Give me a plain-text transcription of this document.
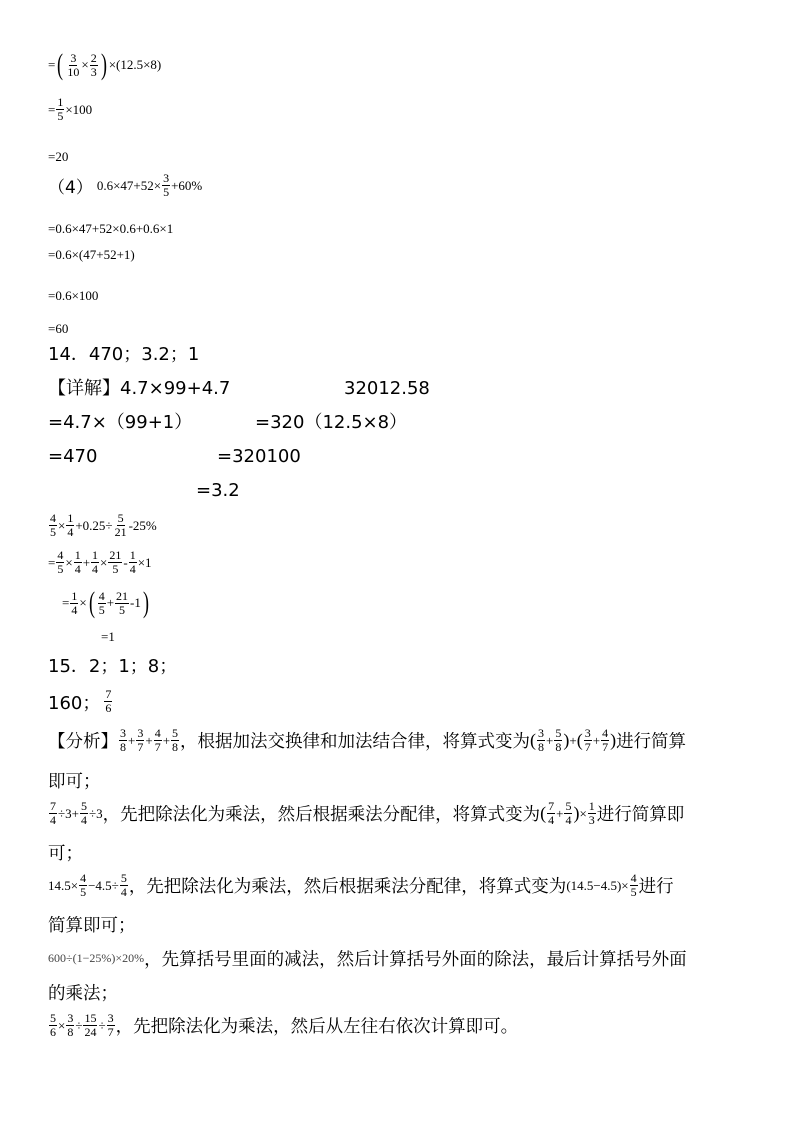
= ( $\frac{3}{10} \times \frac{2}{3}$ ) ×(12.5×8)
= $\frac{1}{5} \times 100$
=20
（4） $0.6\times 47+52\times \frac{3}{5} +60\%$
=0.6×47+52×0.6+0.6×1
=0.6×(47+52+1)
=0.6×100
=60
14．470；3.2；1
【详解】4.7×99+4.7	32012.58
=4.7×（99+1）	=320（12.5×8）
=470	=320100
=3.2
$\frac{4}{5} \times \frac{1}{4} +0.25\div \frac{5}{21} -25\%$
= $\frac{4}{5} \times \frac{1}{4} + \frac{1}{4} \times \frac{21}{5} - \frac{1}{4} \times 1$
= $\frac{1}{4}$ × ( $\frac{4}{5} + \frac{21}{5} -1$ )
=1
15．2；1；8；
160； $\frac{7}{6}$
【分析】 $\frac{3}{8} + \frac{3}{7} + \frac{4}{7} + \frac{5}{8}$ ，根据加法交换律和加法结合律，将算式变为 ( $\frac{3}{8} + \frac{5}{8}$ ) + ( $\frac{3}{7} + \frac{4}{7}$ ) 进行简算
即可；
$\frac{7}{4} \div 3+ \frac{5}{4} \div 3$ ，先把除法化为乘法，然后根据乘法分配律，将算式变为 ( $\frac{7}{4} + \frac{5}{4}$ ) × $\frac{1}{3}$ 进行简算即
可；
$14.5\times \frac{4}{5} -4.5\div \frac{5}{4}$ ，先把除法化为乘法，然后根据乘法分配律，将算式变为 $(14.5-4.5)\times \frac{4}{5}$ 进行
简算即可；
600÷(1−25%)×20% ，先算括号里面的减法，然后计算括号外面的除法，最后计算括号外面
的乘法；
$\frac{5}{6} \times \frac{3}{8} \div \frac{15}{24} \div \frac{3}{7}$ ，先把除法化为乘法，然后从左往右依次计算即可。
